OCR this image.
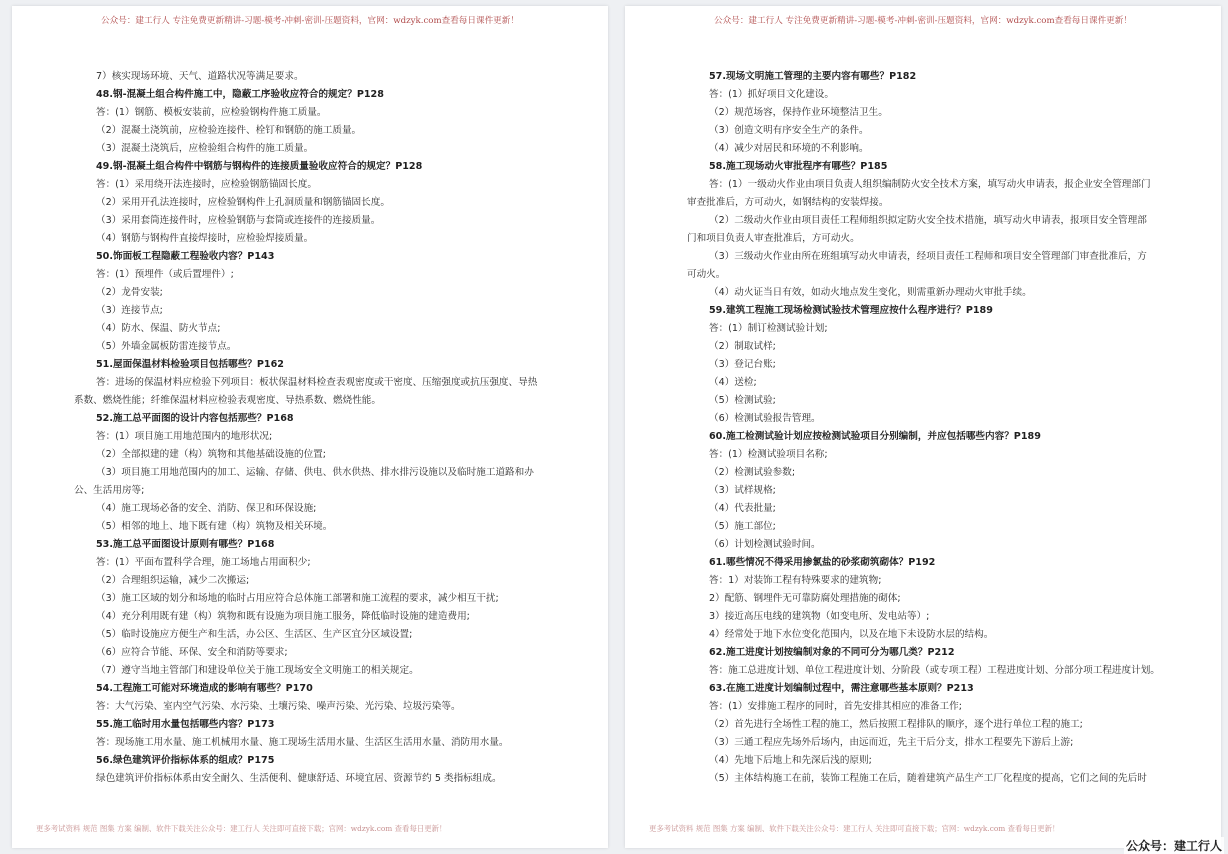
公众号：建工行人 专注免费更新精讲-习题-模考-冲刺-密训-压题资料，官网：wdzyk.com查看每日课件更新！
7）核实现场环境、天气、道路状况等满足要求。
48.钢-混凝土组合构件施工中，隐蔽工序验收应符合的规定？P128
答：(1）钢筋、模板安装前，应检验钢构件施工质量。
（2）混凝土浇筑前，应检验连接件、栓钉和钢筋的施工质量。
（3）混凝土浇筑后，应检验组合构件的施工质量。
49.钢-混凝土组合构件中钢筋与钢构件的连接质量验收应符合的规定？P128
答：(1）采用绕开法连接时，应检验钢筋锚固长度。
（2）采用开孔法连接时，应检验钢构件上孔洞质量和钢筋锚固长度。
（3）采用套筒连接件时，应检验钢筋与套筒或连接件的连接质量。
（4）钢筋与钢构件直接焊接时，应检验焊接质量。
50.饰面板工程隐蔽工程验收内容？P143
答：(1）预埋件（或后置埋件）;
（2）龙骨安装;
（3）连接节点;
（4）防水、保温、防火节点;
（5）外墙金属板防雷连接节点。
51.屋面保温材料检验项目包括哪些？P162
答：进场的保温材料应检验下列项目：板状保温材料检查表观密度或干密度、压缩强度或抗压强度、导热
系数、燃烧性能；纤维保温材料应检验表观密度、导热系数、燃烧性能。
52.施工总平面图的设计内容包括那些？P168
答：(1）项目施工用地范围内的地形状况;
（2）全部拟建的建（构）筑物和其他基础设施的位置;
（3）项目施工用地范围内的加工、运输、存储、供电、供水供热、排水排污设施以及临时施工道路和办
公、生活用房等;
（4）施工现场必备的安全、消防、保卫和环保设施;
（5）相邻的地上、地下既有建（构）筑物及相关环境。
53.施工总平面图设计原则有哪些？P168
答：(1）平面布置科学合理，施工场地占用面积少;
（2）合理组织运输，减少二次搬运;
（3）施工区域的划分和场地的临时占用应符合总体施工部署和施工流程的要求，减少相互干扰;
（4）充分利用既有建（构）筑物和既有设施为项目施工服务，降低临时设施的建造费用;
（5）临时设施应方便生产和生活，办公区、生活区、生产区宜分区域设置;
（6）应符合节能、环保、安全和消防等要求;
（7）遵守当地主管部门和建设单位关于施工现场安全文明施工的相关规定。
54.工程施工可能对环境造成的影响有哪些？P170
答：大气污染、室内空气污染、水污染、土壤污染、噪声污染、光污染、垃圾污染等。
55.施工临时用水量包括哪些内容？P173
答：现场施工用水量、施工机械用水量、施工现场生活用水量、生活区生活用水量、消防用水量。
56.绿色建筑评价指标体系的组成？P175
绿色建筑评价指标体系由安全耐久、生活便利、健康舒适、环境宜居、资源节约 5 类指标组成。
更多考试资料 规范 图集 方案 编制、软件下载关注公众号：建工行人 关注即可直接下载；官网：wdzyk.com 查看每日更新！
公众号：建工行人 专注免费更新精讲-习题-模考-冲刺-密训-压题资料，官网：wdzyk.com查看每日课件更新！
57.现场文明施工管理的主要内容有哪些？P182
答：(1）抓好项目文化建设。
（2）规范场容，保持作业环境整洁卫生。
（3）创造文明有序安全生产的条件。
（4）减少对居民和环境的不利影响。
58.施工现场动火审批程序有哪些？P185
答：(1）一级动火作业由项目负责人组织编制防火安全技术方案，填写动火申请表，报企业安全管理部门
审查批准后，方可动火，如钢结构的安装焊接。
（2）二级动火作业由项目责任工程师组织拟定防火安全技术措施，填写动火申请表，报项目安全管理部
门和项目负责人审查批准后，方可动火。
（3）三级动火作业由所在班组填写动火申请表，经项目责任工程师和项目安全管理部门审查批准后，方
可动火。
（4）动火证当日有效，如动火地点发生变化，则需重新办理动火审批手续。
59.建筑工程施工现场检测试验技术管理应按什么程序进行？P189
答：(1）制订检测试验计划;
（2）制取试样;
（3）登记台账;
（4）送检;
（5）检测试验;
（6）检测试验报告管理。
60.施工检测试验计划应按检测试验项目分别编制，并应包括哪些内容？P189
答：(1）检测试验项目名称;
（2）检测试验参数;
（3）试样规格;
（4）代表批量;
（5）施工部位;
（6）计划检测试验时间。
61.哪些情况不得采用掺氯盐的砂浆砌筑砌体？P192
答：1）对装饰工程有特殊要求的建筑物;
2）配筋、钢埋件无可靠防腐处理措施的砌体;
3）接近高压电线的建筑物（如变电所、发电站等）;
4）经常处于地下水位变化范围内，以及在地下未设防水层的结构。
62.施工进度计划按编制对象的不同可分为哪几类？P212
答：施工总进度计划、单位工程进度计划、分阶段（或专项工程）工程进度计划、分部分项工程进度计划。
63.在施工进度计划编制过程中，需注意哪些基本原则？P213
答：(1）安排施工程序的同时，首先安排其相应的准备工作;
（2）首先进行全场性工程的施工，然后按照工程排队的顺序，逐个进行单位工程的施工;
（3）三通工程应先场外后场内，由远而近，先主干后分支，排水工程要先下游后上游;
（4）先地下后地上和先深后浅的原则;
（5）主体结构施工在前，装饰工程施工在后，随着建筑产品生产工厂化程度的提高，它们之间的先后时
更多考试资料 规范 图集 方案 编制、软件下载关注公众号：建工行人 关注即可直接下载；官网：wdzyk.com 查看每日更新！
公众号：建工行人
